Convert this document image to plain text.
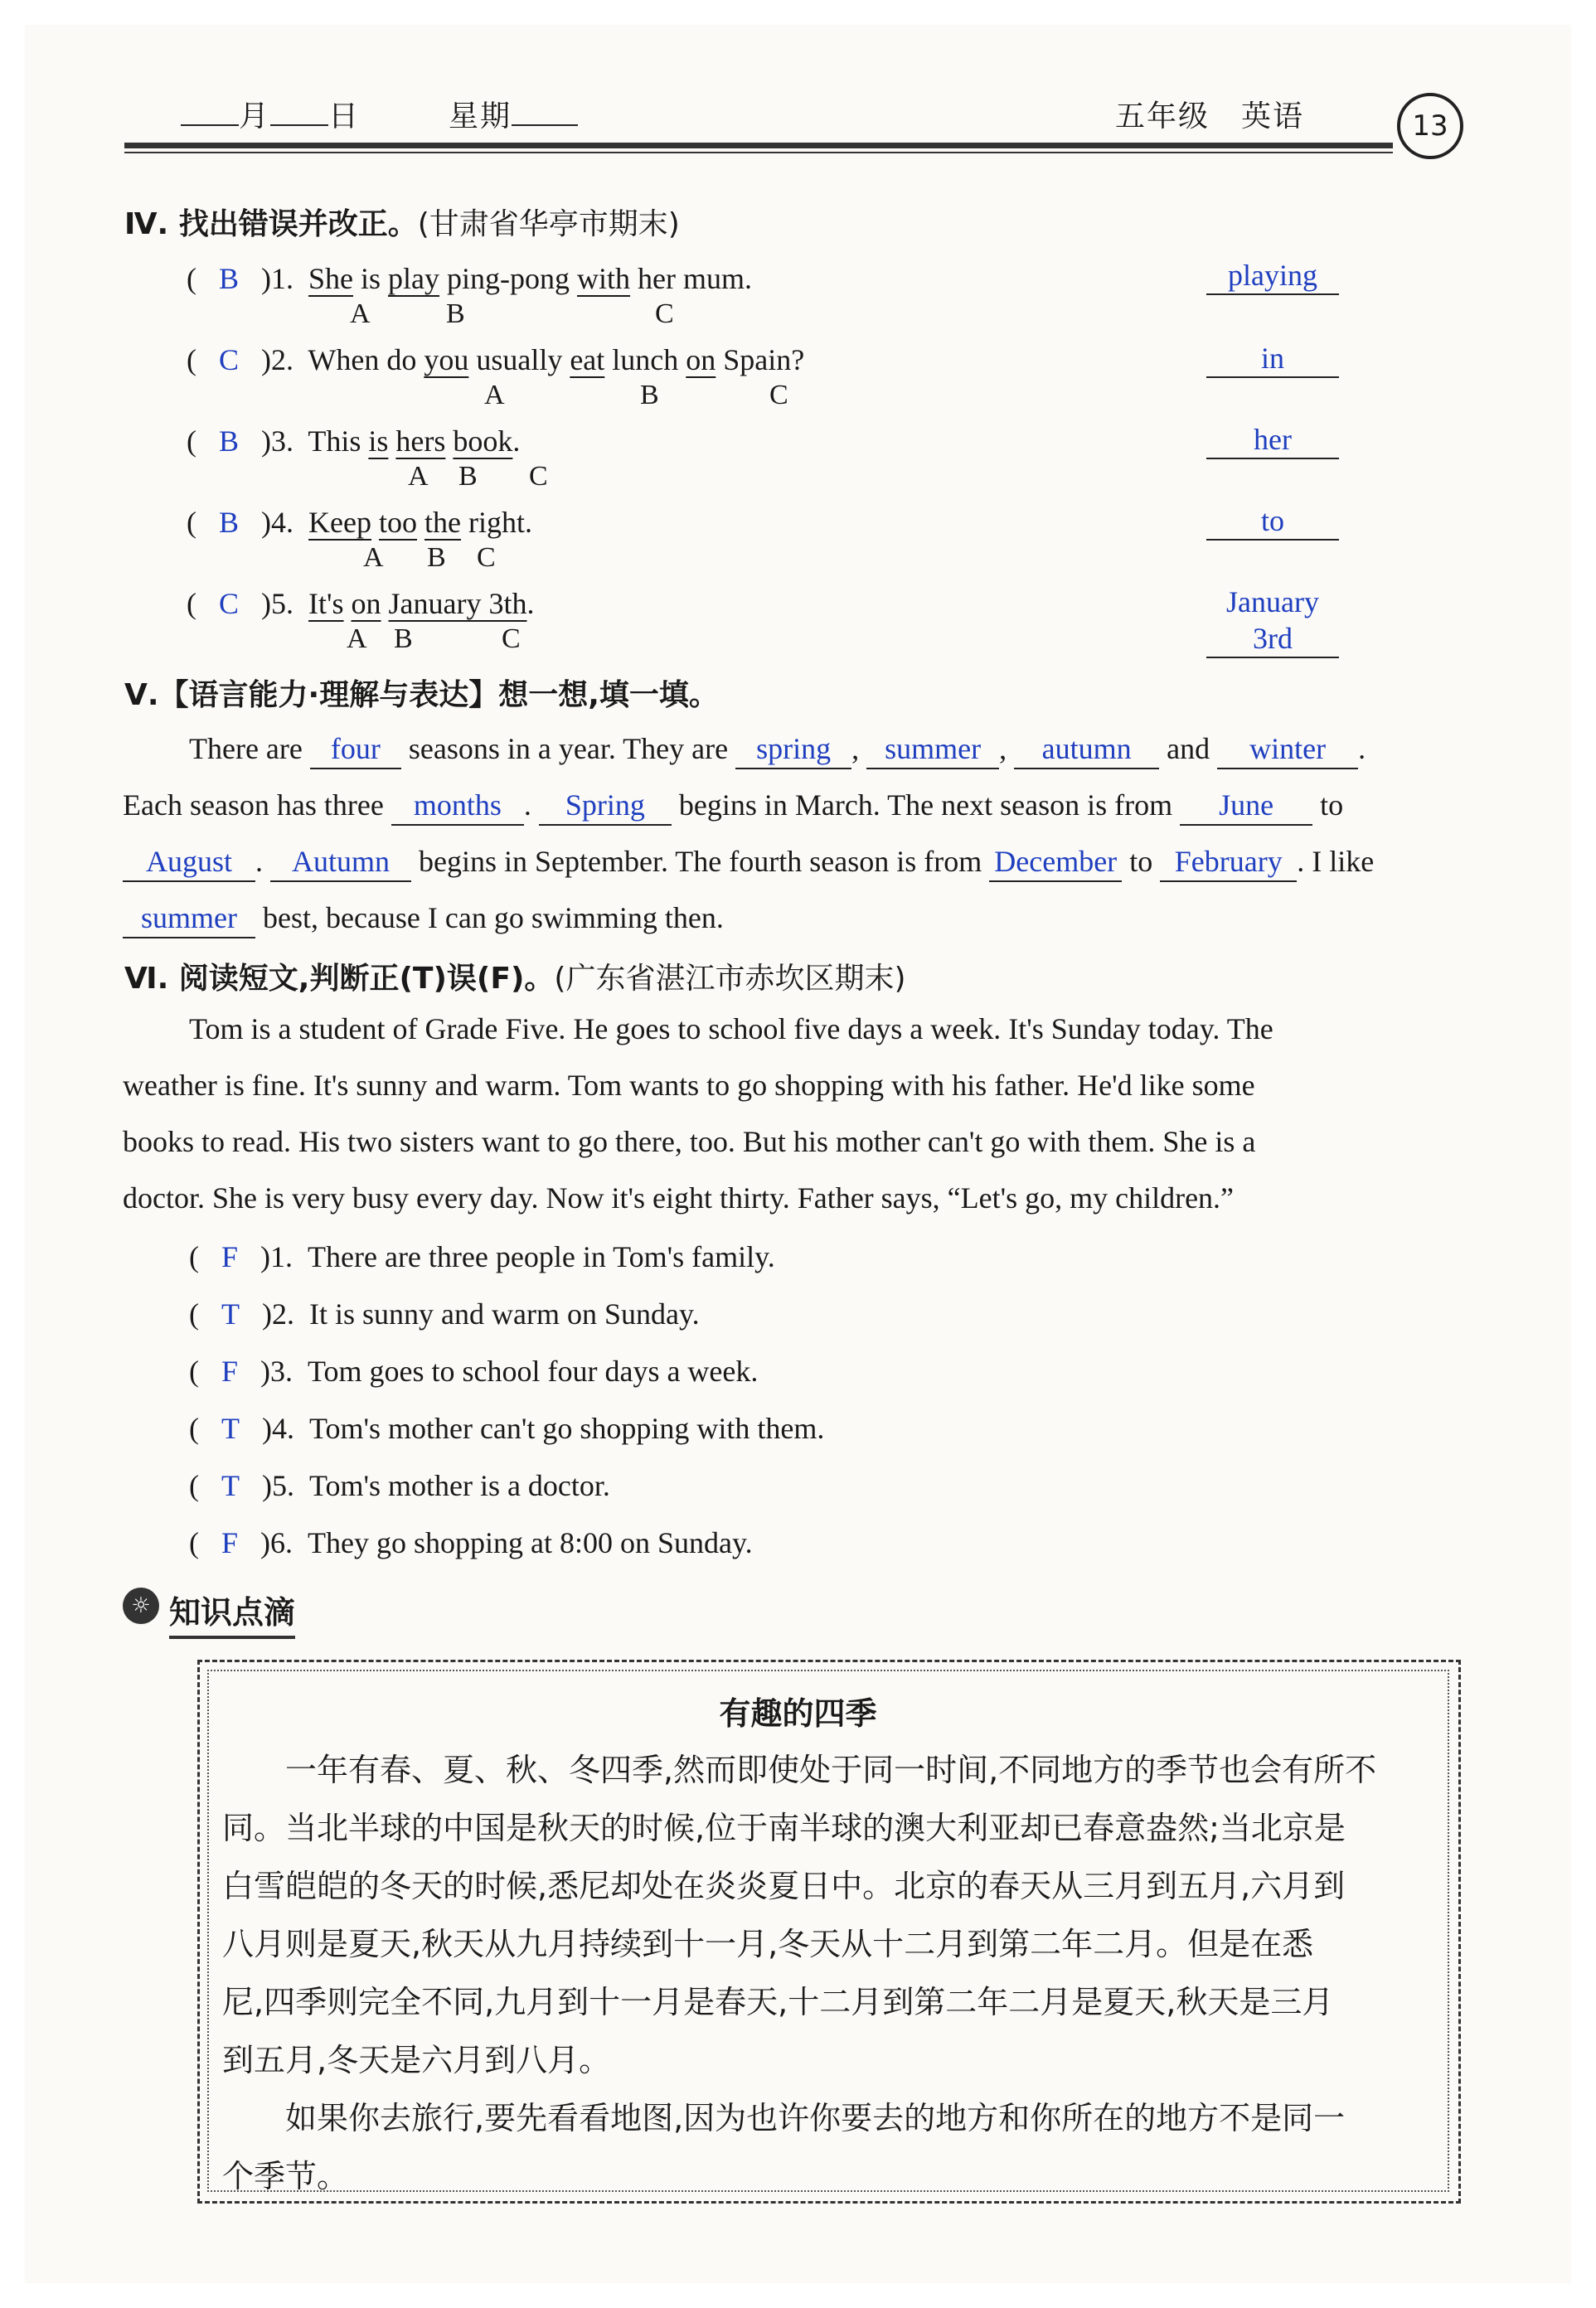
月 日	星期	五年级　英语	13
Ⅳ. 找出错误并改正。(甘肃省华亭市期末)
(   B )1. She is play ping-pong with her mum.
A	B	C
playing
(   C )2.  When do you usually eat lunch on Spain?
A	B	C
in
(   B )3.  This is hers book.
A B C
her
(   B )4. Keep too the right.
A B C
to
(   C )5. It's on January 3th.
A B	C
January 3rd
Ⅴ.【语言能力·理解与表达】想一想,填一填。
There are four seasons in a year. They are spring , summer , autumn and winter .
Each season has three months . Spring begins in March. The next season is from June to
August . Autumn begins in September. The fourth season is from December to February . I like
summer best, because I can go swimming then.
Ⅵ. 阅读短文,判断正(T)误(F)。(广东省湛江市赤坎区期末)
Tom is a student of Grade Five. He goes to school five days a week. It's Sunday today. The
weather is fine. It's sunny and warm. Tom wants to go shopping with his father. He'd like some
books to read. His two sisters want to go there, too. But his mother can't go with them. She is a
doctor. She is very busy every day. Now it's eight thirty. Father says, “Let's go, my children.”
(   F )1. There are three people in Tom's family.
(   T )2. It is sunny and warm on Sunday.
(   F )3. Tom goes to school four days a week.
(   T )4. Tom's mother can't go shopping with them.
(   T )5. Tom's mother is a doctor.
(   F )6. They go shopping at 8:00 on Sunday.
☼ 知识点滴
有趣的四季
　　一年有春、夏、秋、冬四季,然而即使处于同一时间,不同地方的季节也会有所不
同。当北半球的中国是秋天的时候,位于南半球的澳大利亚却已春意盎然;当北京是
白雪皑皑的冬天的时候,悉尼却处在炎炎夏日中。北京的春天从三月到五月,六月到
八月则是夏天,秋天从九月持续到十一月,冬天从十二月到第二年二月。但是在悉
尼,四季则完全不同,九月到十一月是春天,十二月到第二年二月是夏天,秋天是三月
到五月,冬天是六月到八月。
　　如果你去旅行,要先看看地图,因为也许你要去的地方和你所在的地方不是同一
个季节。
